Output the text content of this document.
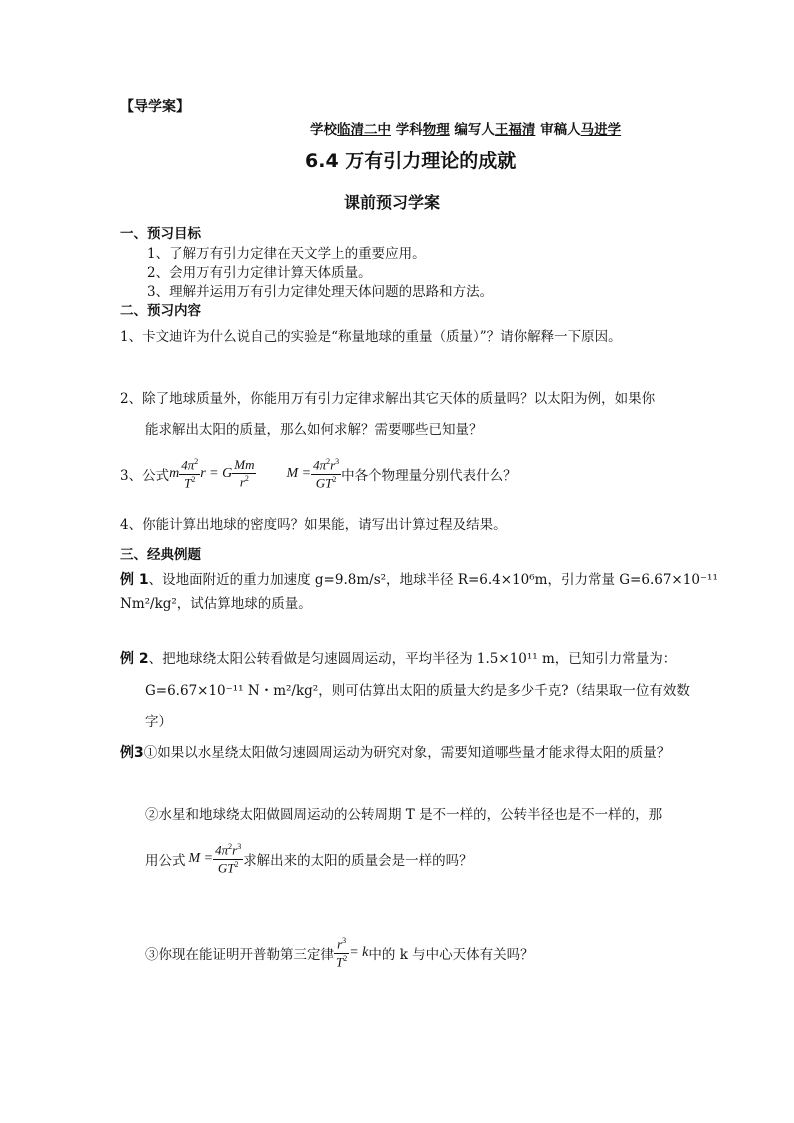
【导学案】
学校临清二中 学科物理 编写人王福清 审稿人马进学
6.4 万有引力理论的成就
课前预习学案
一、预习目标
1、了解万有引力定律在天文学上的重要应用。
2、会用万有引力定律计算天体质量。
3、理解并运用万有引力定律处理天体问题的思路和方法。
二、预习内容
1、卡文迪许为什么说自己的实验是“称量地球的重量（质量）”？请你解释一下原因。
2、除了地球质量外，你能用万有引力定律求解出其它天体的质量吗？以太阳为例，如果你
能求解出太阳的质量，那么如何求解？需要哪些已知量？
3、公式 m $\frac{4\pi^2}{T^2}$ r = G $\frac{Mm}{r^2}$ $M = \frac{4\pi^2r^3}{GT^2}$ 中各个物理量分别代表什么？
4、你能计算出地球的密度吗？如果能，请写出计算过程及结果。
三、经典例题
例 1、设地面附近的重力加速度 g=9.8m/s²，地球半径 R=6.4×10⁶m，引力常量 G=6.67×10⁻¹¹
Nm²/kg²，试估算地球的质量。
例 2、把地球绕太阳公转看做是匀速圆周运动，平均半径为 1.5×10¹¹ m，已知引力常量为：
G=6.67×10⁻¹¹ N・m²/kg²，则可估算出太阳的质量大约是多少千克?（结果取一位有效数
字）
例3①如果以水星绕太阳做匀速圆周运动为研究对象，需要知道哪些量才能求得太阳的质量？
②水星和地球绕太阳做圆周运动的公转周期 T 是不一样的，公转半径也是不一样的，那
用公式 $M = \frac{4\pi^2r^3}{GT^2}$ 求解出来的太阳的质量会是一样的吗？
③你现在能证明开普勒第三定律 $\frac{r^3}{T^2} = k$ 中的 k 与中心天体有关吗？
